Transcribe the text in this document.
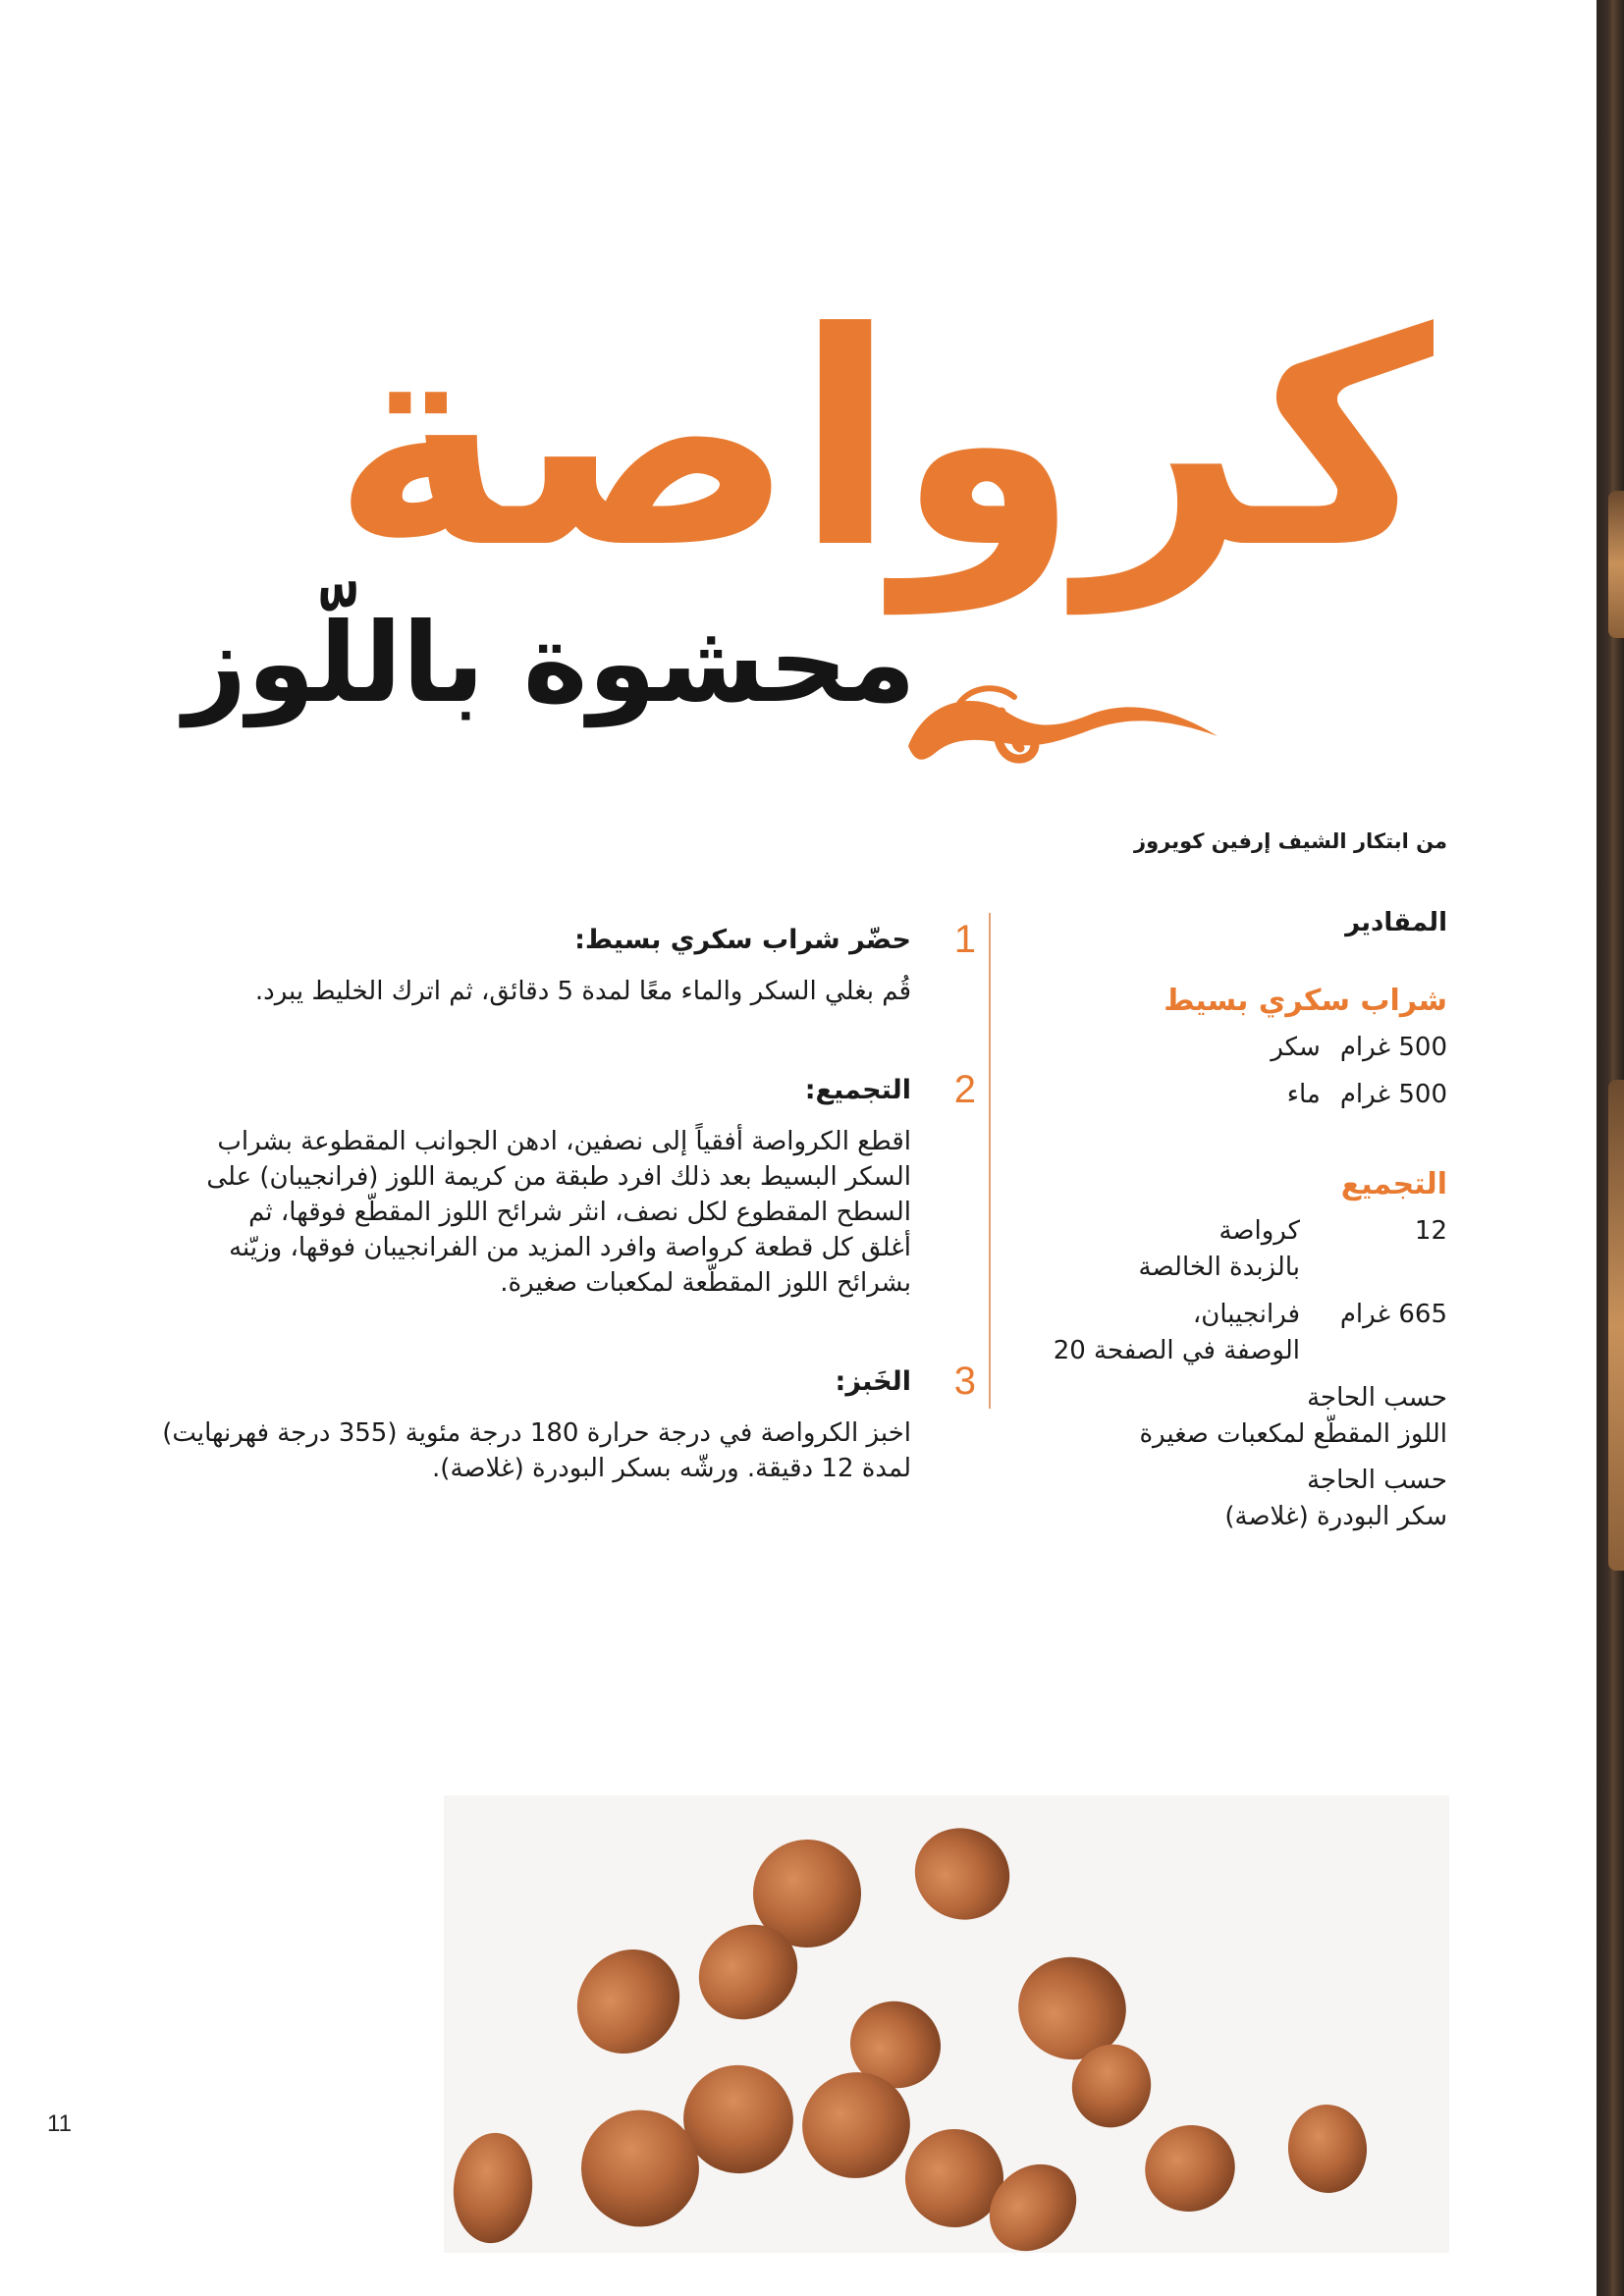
كرواصة
محشوة باللّوز
من ابتكار الشيف إرفين كويروز
المقادير
شراب سكري بسيط
500 غرام
سكر
500 غرام
ماء
التجميع
12
كرواصة
بالزبدة الخالصة
665 غرام
فرانجيبان،
الوصفة في الصفحة 20
حسب الحاجة
اللوز المقطّع لمكعبات صغيرة
حسب الحاجة
سكر البودرة (غلاصة)
1
حضّر شراب سكري بسيط:
قُم بغلي السكر والماء معًا لمدة 5 دقائق، ثم اترك الخليط يبرد.
2
التجميع:
اقطع الكرواصة أفقياً إلى نصفين، ادهن الجوانب المقطوعة بشراب
السكر البسيط بعد ذلك افرد طبقة من كريمة اللوز (فرانجيبان) على
السطح المقطوع لكل نصف، انثر شرائح اللوز المقطّع فوقها، ثم
أغلق كل قطعة كرواصة وافرد المزيد من الفرانجيبان فوقها، وزيّنه
بشرائح اللوز المقطّعة لمكعبات صغيرة.
3
الخَبز:
اخبز الكرواصة في درجة حرارة 180 درجة مئوية (355 درجة فهرنهايت)
لمدة 12 دقيقة. ورشّه بسكر البودرة (غلاصة).
11
